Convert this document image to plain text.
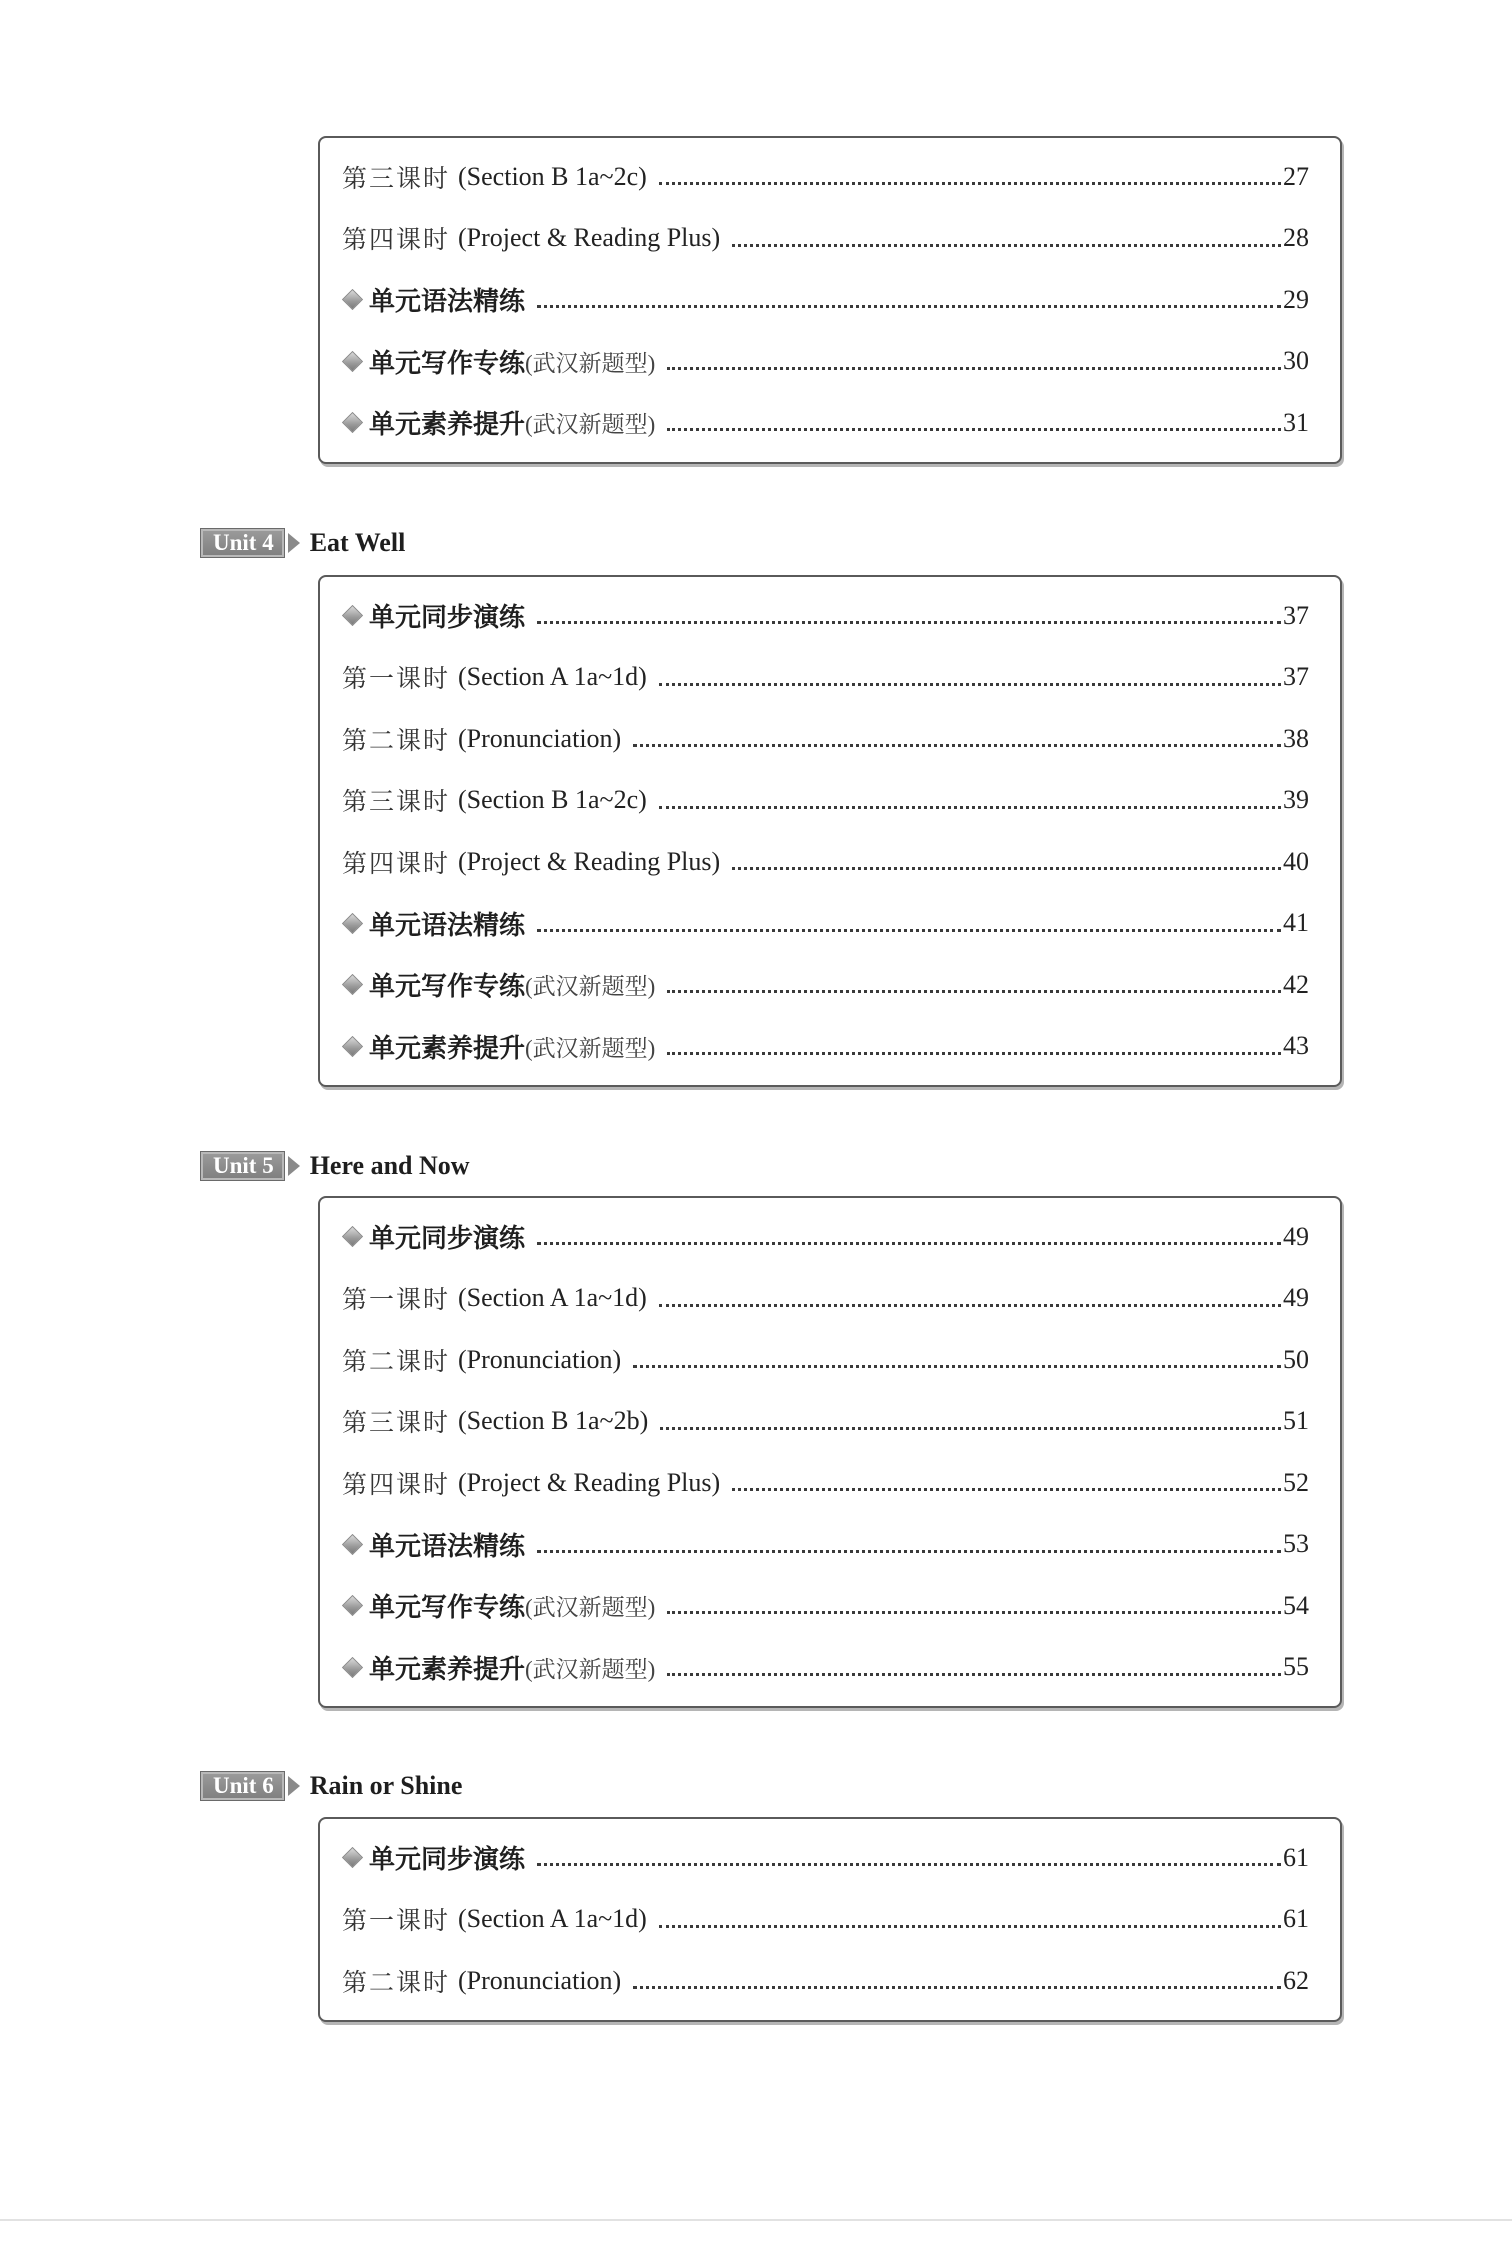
第三课时 (Section B 1a~2c)	27
第四课时 (Project & Reading Plus)	28
单元语法精练	29
单元写作专练 (武汉新题型)	30
单元素养提升 (武汉新题型)	31
Unit 4	Eat Well
单元同步演练	37
第一课时 (Section A 1a~1d)	37
第二课时 (Pronunciation)	38
第三课时 (Section B 1a~2c)	39
第四课时 (Project & Reading Plus)	40
单元语法精练	41
单元写作专练 (武汉新题型)	42
单元素养提升 (武汉新题型)	43
Unit 5	Here and Now
单元同步演练	49
第一课时 (Section A 1a~1d)	49
第二课时 (Pronunciation)	50
第三课时 (Section B 1a~2b)	51
第四课时 (Project & Reading Plus)	52
单元语法精练	53
单元写作专练 (武汉新题型)	54
单元素养提升 (武汉新题型)	55
Unit 6	Rain or Shine
单元同步演练	61
第一课时 (Section A 1a~1d)	61
第二课时 (Pronunciation)	62
